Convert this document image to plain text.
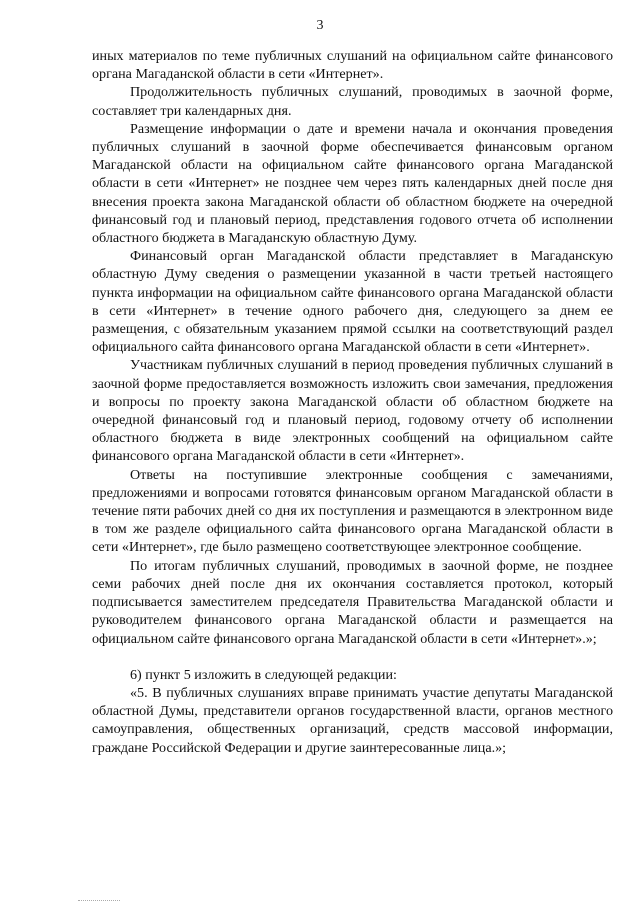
3

иных материалов по теме публичных слушаний на официальном сайте финансового органа Магаданской области в сети «Интернет».

Продолжительность публичных слушаний, проводимых в заочной форме, составляет три календарных дня.

Размещение информации о дате и времени начала и окончания проведения публичных слушаний в заочной форме обеспечивается финансовым органом Магаданской области на официальном сайте финансового органа Магаданской области в сети «Интернет» не позднее чем через пять календарных дней после дня внесения проекта закона Магаданской области об областном бюджете на очередной финансовый год и плановый период, представления годового отчета об исполнении областного бюджета в Магаданскую областную Думу.

Финансовый орган Магаданской области представляет в Магаданскую областную Думу сведения о размещении указанной в части третьей настоящего пункта информации на официальном сайте финансового органа Магаданской области в сети «Интернет» в течение одного рабочего дня, следующего за днем ее размещения, с обязательным указанием прямой ссылки на соответствующий раздел официального сайта финансового органа Магаданской области в сети «Интернет».

Участникам публичных слушаний в период проведения публичных слушаний в заочной форме предоставляется возможность изложить свои замечания, предложения и вопросы по проекту закона Магаданской области об областном бюджете на очередной финансовый год и плановый период, годовому отчету об исполнении областного бюджета в виде электронных сообщений на официальном сайте финансового органа Магаданской области в сети «Интернет».

Ответы на поступившие электронные сообщения с замечаниями, предложениями и вопросами готовятся финансовым органом Магаданской области в течение пяти рабочих дней со дня их поступления и размещаются в электронном виде в том же разделе официального сайта финансового органа Магаданской области в сети «Интернет», где было размещено соответствующее электронное сообщение.

По итогам публичных слушаний, проводимых в заочной форме, не позднее семи рабочих дней после дня их окончания составляется протокол, который подписывается заместителем председателя Правительства Магаданской области и руководителем финансового органа Магаданской области и размещается на официальном сайте финансового органа Магаданской области в сети «Интернет».»;

6) пункт 5 изложить в следующей редакции:

«5. В публичных слушаниях вправе принимать участие депутаты Магаданской областной Думы, представители органов государственной власти, органов местного самоуправления, общественных организаций, средств массовой информации, граждане Российской Федерации и другие заинтересованные лица.»;
